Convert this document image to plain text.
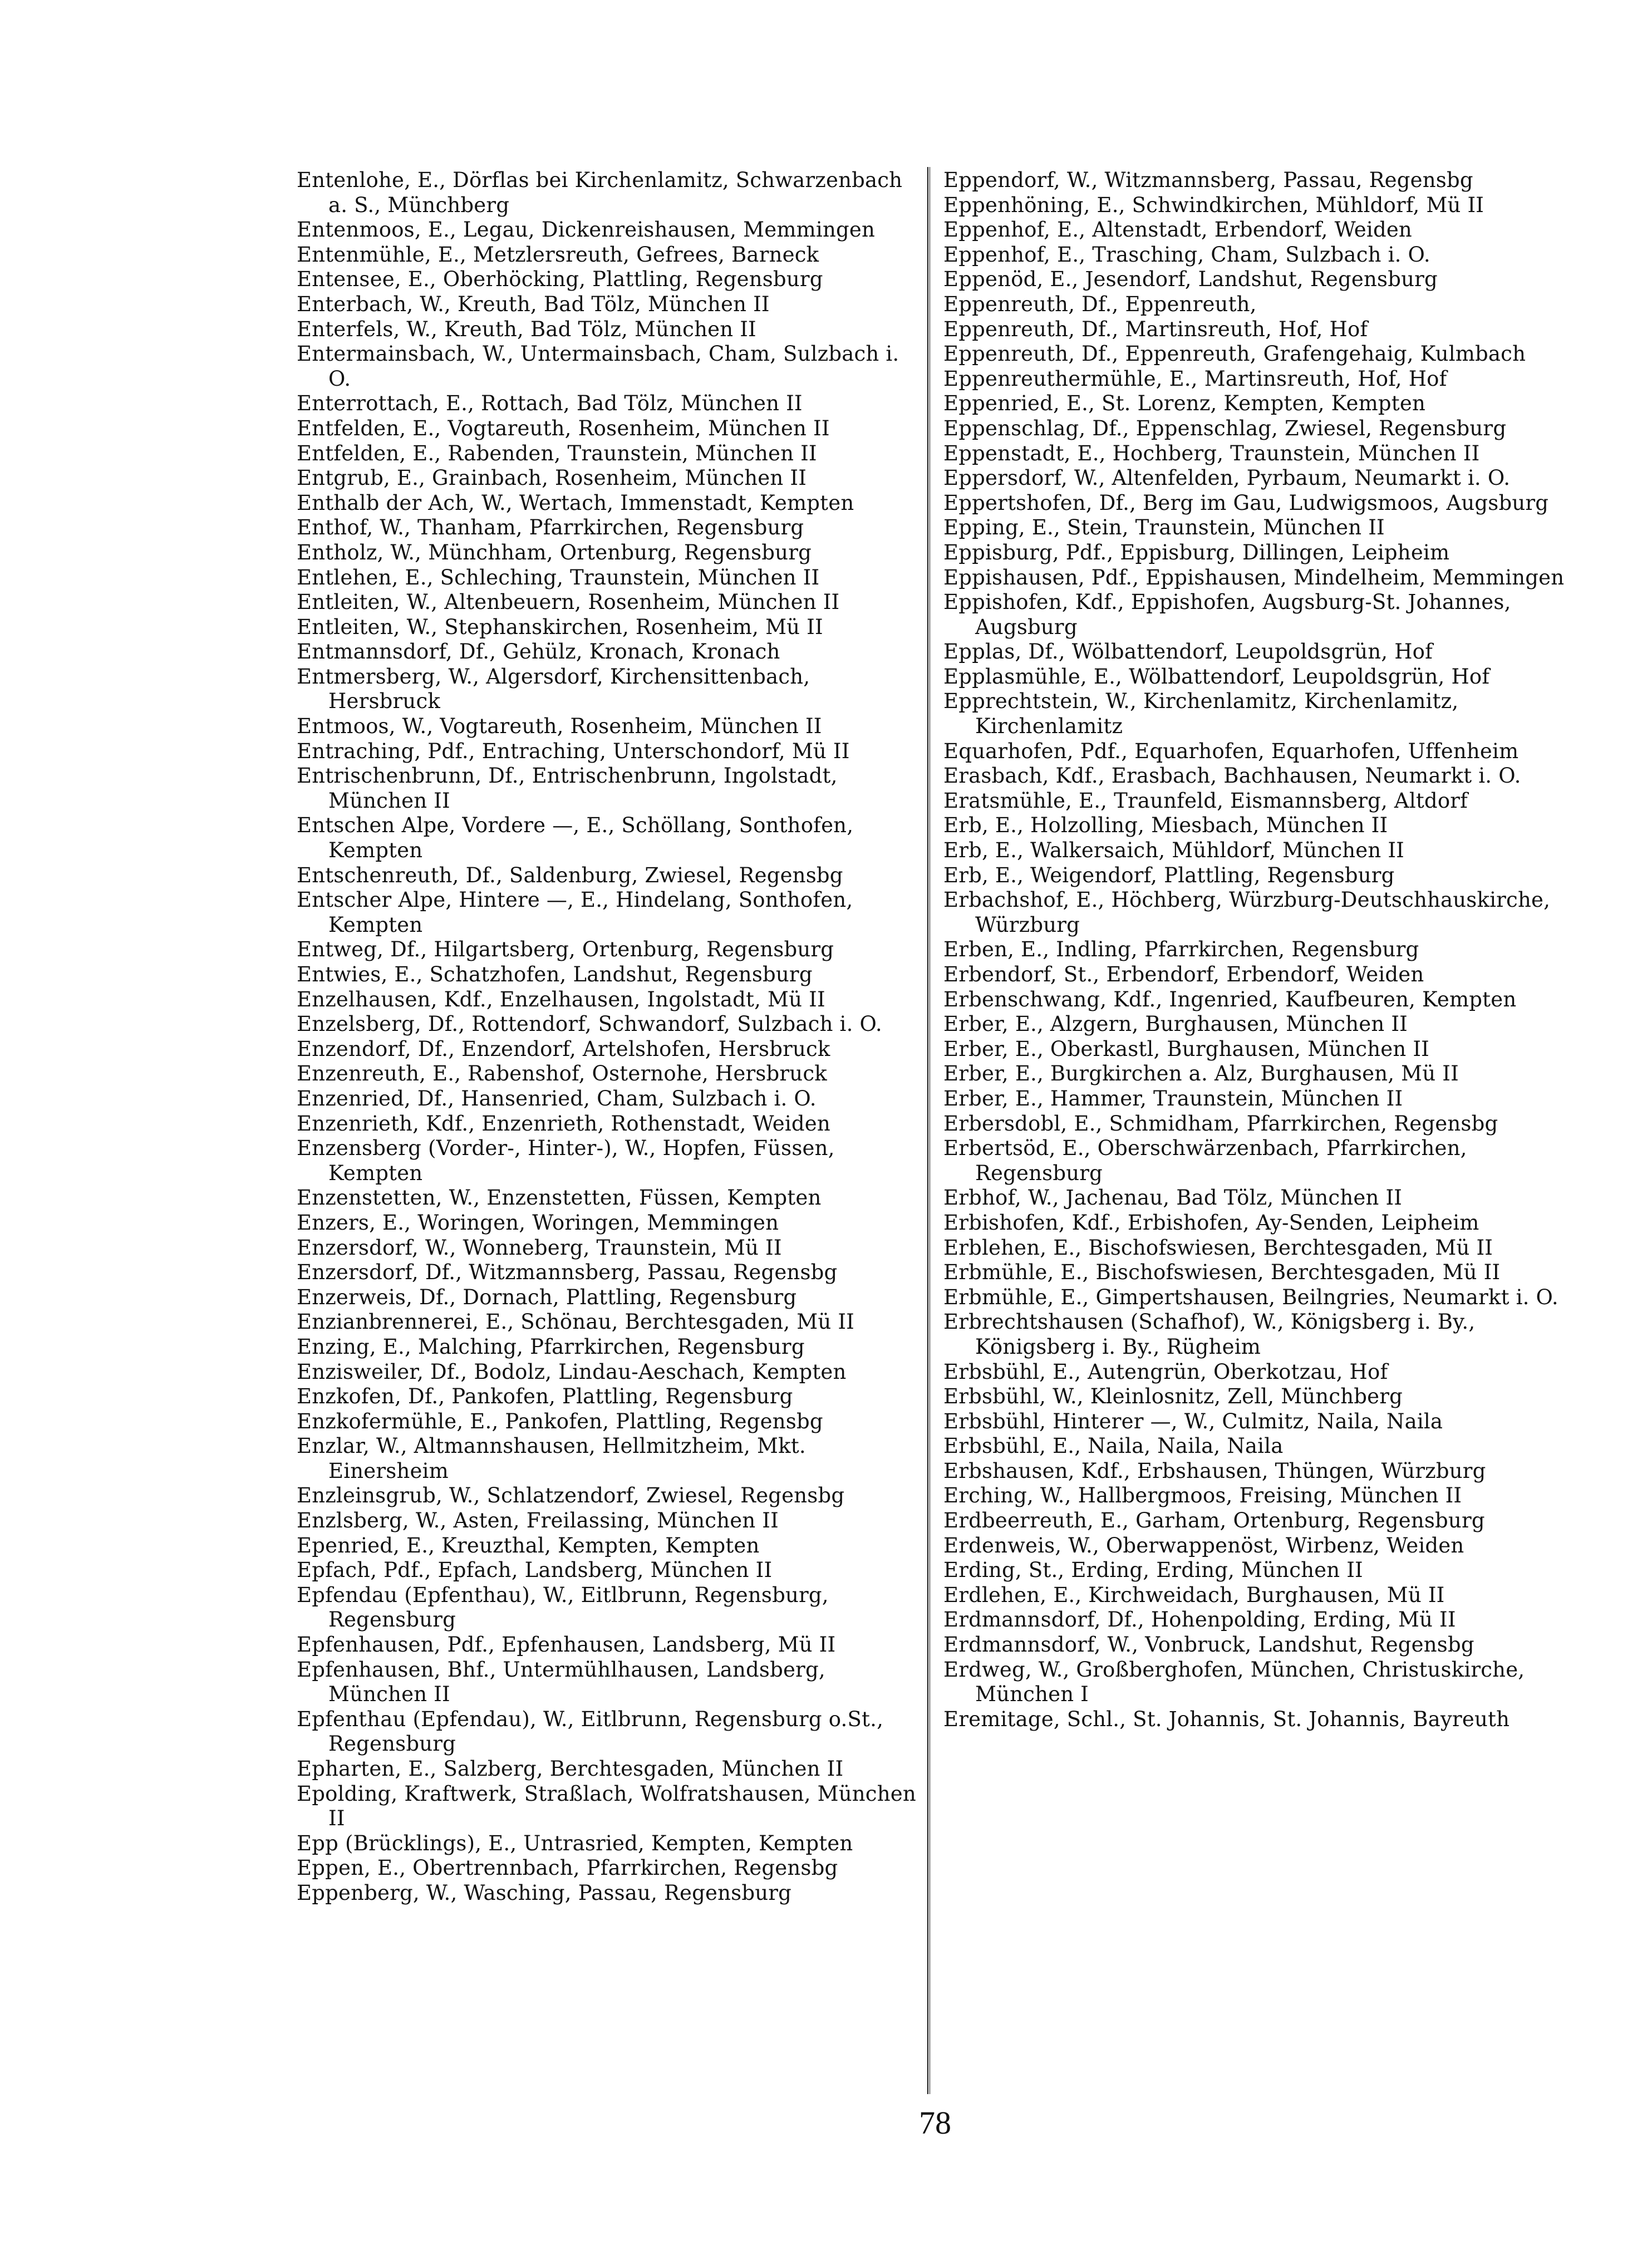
Entenlohe, E., Dörflas bei Kirchenlamitz, Schwarzenbach a. S., Münchberg

Entenmoos, E., Legau, Dickenreishausen, Memmingen

Entenmühle, E., Metzlersreuth, Gefrees, Barneck

Entensee, E., Oberhöcking, Plattling, Regensburg

Enterbach, W., Kreuth, Bad Tölz, München II

Enterfels, W., Kreuth, Bad Tölz, München II

Entermainsbach, W., Untermainsbach, Cham, Sulzbach i. O.

Enterrottach, E., Rottach, Bad Tölz, München II

Entfelden, E., Vogtareuth, Rosenheim, München II

Entfelden, E., Rabenden, Traunstein, München II

Entgrub, E., Grainbach, Rosenheim, München II

Enthalb der Ach, W., Wertach, Immenstadt, Kempten

Enthof, W., Thanham, Pfarrkirchen, Regensburg

Entholz, W., Münchham, Ortenburg, Regensburg

Entlehen, E., Schleching, Traunstein, München II

Entleiten, W., Altenbeuern, Rosenheim, München II

Entleiten, W., Stephanskirchen, Rosenheim, Mü II

Entmannsdorf, Df., Gehülz, Kronach, Kronach

Entmersberg, W., Algersdorf, Kirchensittenbach, Hersbruck

Entmoos, W., Vogtareuth, Rosenheim, München II

Entraching, Pdf., Entraching, Unterschondorf, Mü II

Entrischenbrunn, Df., Entrischenbrunn, Ingolstadt, München II

Entschen Alpe, Vordere —, E., Schöllang, Sonthofen, Kempten

Entschenreuth, Df., Saldenburg, Zwiesel, Regensbg

Entscher Alpe, Hintere —, E., Hindelang, Sonthofen, Kempten

Entweg, Df., Hilgartsberg, Ortenburg, Regensburg

Entwies, E., Schatzhofen, Landshut, Regensburg

Enzelhausen, Kdf., Enzelhausen, Ingolstadt, Mü II

Enzelsberg, Df., Rottendorf, Schwandorf, Sulzbach i. O.

Enzendorf, Df., Enzendorf, Artelshofen, Hersbruck

Enzenreuth, E., Rabenshof, Osternohe, Hersbruck

Enzenried, Df., Hansenried, Cham, Sulzbach i. O.

Enzenrieth, Kdf., Enzenrieth, Rothenstadt, Weiden

Enzensberg (Vorder-, Hinter-), W., Hopfen, Füssen, Kempten

Enzenstetten, W., Enzenstetten, Füssen, Kempten

Enzers, E., Woringen, Woringen, Memmingen

Enzersdorf, W., Wonneberg, Traunstein, Mü II

Enzersdorf, Df., Witzmannsberg, Passau, Regensbg

Enzerweis, Df., Dornach, Plattling, Regensburg

Enzianbrennerei, E., Schönau, Berchtesgaden, Mü II

Enzing, E., Malching, Pfarrkirchen, Regensburg

Enzisweiler, Df., Bodolz, Lindau-Aeschach, Kempten

Enzkofen, Df., Pankofen, Plattling, Regensburg

Enzkofermühle, E., Pankofen, Plattling, Regensbg

Enzlar, W., Altmannshausen, Hellmitzheim, Mkt. Einersheim

Enzleinsgrub, W., Schlatzendorf, Zwiesel, Regensbg

Enzlsberg, W., Asten, Freilassing, München II

Epenried, E., Kreuzthal, Kempten, Kempten

Epfach, Pdf., Epfach, Landsberg, München II

Epfendau (Epfenthau), W., Eitlbrunn, Regensburg, Regensburg

Epfenhausen, Pdf., Epfenhausen, Landsberg, Mü II

Epfenhausen, Bhf., Untermühlhausen, Landsberg, München II

Epfenthau (Epfendau), W., Eitlbrunn, Regensburg o.St., Regensburg

Epharten, E., Salzberg, Berchtesgaden, München II

Epolding, Kraftwerk, Straßlach, Wolfratshausen, München II

Epp (Brücklings), E., Untrasried, Kempten, Kempten

Eppen, E., Obertrennbach, Pfarrkirchen, Regensbg

Eppenberg, W., Wasching, Passau, Regensburg

Eppendorf, W., Witzmannsberg, Passau, Regensbg

Eppenhöning, E., Schwindkirchen, Mühldorf, Mü II

Eppenhof, E., Altenstadt, Erbendorf, Weiden

Eppenhof, E., Trasching, Cham, Sulzbach i. O.

Eppenöd, E., Jesendorf, Landshut, Regensburg

Eppenreuth, Df., Eppenreuth,

Eppenreuth, Df., Martinsreuth, Hof, Hof

Eppenreuth, Df., Eppenreuth, Grafengehaig, Kulmbach

Eppenreuthermühle, E., Martinsreuth, Hof, Hof

Eppenried, E., St. Lorenz, Kempten, Kempten

Eppenschlag, Df., Eppenschlag, Zwiesel, Regensburg

Eppenstadt, E., Hochberg, Traunstein, München II

Eppersdorf, W., Altenfelden, Pyrbaum, Neumarkt i. O.

Eppertshofen, Df., Berg im Gau, Ludwigsmoos, Augsburg

Epping, E., Stein, Traunstein, München II

Eppisburg, Pdf., Eppisburg, Dillingen, Leipheim

Eppishausen, Pdf., Eppishausen, Mindelheim, Memmingen

Eppishofen, Kdf., Eppishofen, Augsburg-St. Johannes, Augsburg

Epplas, Df., Wölbattendorf, Leupoldsgrün, Hof

Epplasmühle, E., Wölbattendorf, Leupoldsgrün, Hof

Epprechtstein, W., Kirchenlamitz, Kirchenlamitz, Kirchenlamitz

Equarhofen, Pdf., Equarhofen, Equarhofen, Uffenheim

Erasbach, Kdf., Erasbach, Bachhausen, Neumarkt i. O.

Eratsmühle, E., Traunfeld, Eismannsberg, Altdorf

Erb, E., Holzolling, Miesbach, München II

Erb, E., Walkersaich, Mühldorf, München II

Erb, E., Weigendorf, Plattling, Regensburg

Erbachshof, E., Höchberg, Würzburg-Deutschhauskirche, Würzburg

Erben, E., Indling, Pfarrkirchen, Regensburg

Erbendorf, St., Erbendorf, Erbendorf, Weiden

Erbenschwang, Kdf., Ingenried, Kaufbeuren, Kempten

Erber, E., Alzgern, Burghausen, München II

Erber, E., Oberkastl, Burghausen, München II

Erber, E., Burgkirchen a. Alz, Burghausen, Mü II

Erber, E., Hammer, Traunstein, München II

Erbersdobl, E., Schmidham, Pfarrkirchen, Regensbg

Erbertsöd, E., Oberschwärzenbach, Pfarrkirchen, Regensburg

Erbhof, W., Jachenau, Bad Tölz, München II

Erbishofen, Kdf., Erbishofen, Ay-Senden, Leipheim

Erblehen, E., Bischofswiesen, Berchtesgaden, Mü II

Erbmühle, E., Bischofswiesen, Berchtesgaden, Mü II

Erbmühle, E., Gimpertshausen, Beilngries, Neumarkt i. O.

Erbrechtshausen (Schafhof), W., Königsberg i. By., Königsberg i. By., Rügheim

Erbsbühl, E., Autengrün, Oberkotzau, Hof

Erbsbühl, W., Kleinlosnitz, Zell, Münchberg

Erbsbühl, Hinterer —, W., Culmitz, Naila, Naila

Erbsbühl, E., Naila, Naila, Naila

Erbshausen, Kdf., Erbshausen, Thüngen, Würzburg

Erching, W., Hallbergmoos, Freising, München II

Erdbeerreuth, E., Garham, Ortenburg, Regensburg

Erdenweis, W., Oberwappenöst, Wirbenz, Weiden

Erding, St., Erding, Erding, München II

Erdlehen, E., Kirchweidach, Burghausen, Mü II

Erdmannsdorf, Df., Hohenpolding, Erding, Mü II

Erdmannsdorf, W., Vonbruck, Landshut, Regensbg

Erdweg, W., Großberghofen, München, Christuskirche, München I

Eremitage, Schl., St. Johannis, St. Johannis, Bayreuth

78
